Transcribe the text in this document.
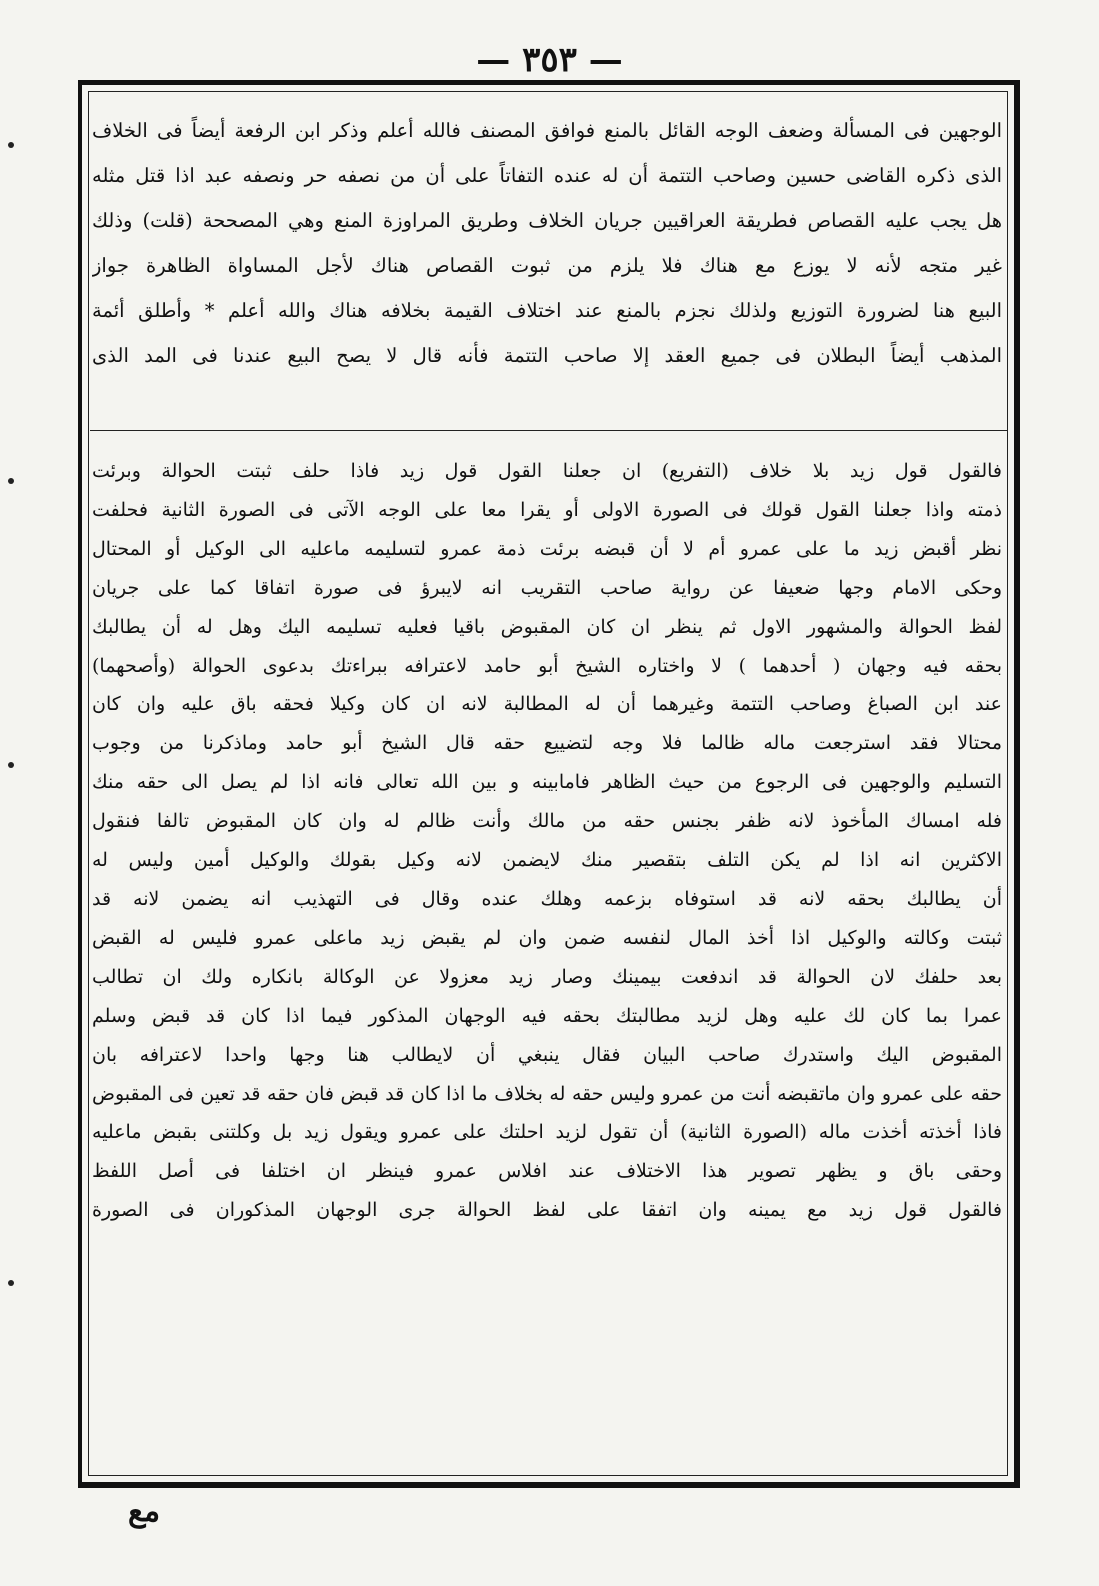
— ٣٥٣ —
الوجهين فى المسألة وضعف الوجه القائل بالمنع فوافق المصنف فالله أعلم وذكر ابن الرفعة أيضاً فى الخلاف
الذى ذكره القاضى حسين وصاحب التتمة أن له عنده التفاتاً على أن من نصفه حر ونصفه عبد اذا قتل مثله
هل يجب عليه القصاص فطريقة العراقيين جريان الخلاف وطريق المراوزة المنع وهي المصححة (قلت) وذلك
غير متجه لأنه لا يوزع مع هناك فلا يلزم من ثبوت القصاص هناك لأجل المساواة الظاهرة جواز
البيع هنا لضرورة التوزيع ولذلك نجزم بالمنع عند اختلاف القيمة بخلافه هناك والله أعلم * وأطلق أئمة
المذهب أيضاً البطلان فى جميع العقد إلا صاحب التتمة فأنه قال لا يصح البيع عندنا فى المد الذى
فالقول قول زيد بلا خلاف (التفريع) ان جعلنا القول قول زيد فاذا حلف ثبتت الحوالة وبرئت
ذمته واذا جعلنا القول قولك فى الصورة الاولى أو يقرا معا على الوجه الآتى فى الصورة الثانية فحلفت
نظر أقبض زيد ما على عمرو أم لا أن قبضه برئت ذمة عمرو لتسليمه ماعليه الى الوكيل أو المحتال
وحكى الامام وجها ضعيفا عن رواية صاحب التقريب انه لايبرؤ فى صورة اتفاقا كما على جريان
لفظ الحوالة والمشهور الاول ثم ينظر ان كان المقبوض باقيا فعليه تسليمه اليك وهل له أن يطالبك
بحقه فيه وجهان ( أحدهما ) لا واختاره الشيخ أبو حامد لاعترافه ببراءتك بدعوى الحوالة (وأصحهما)
عند ابن الصباغ وصاحب التتمة وغيرهما أن له المطالبة لانه ان كان وكيلا فحقه باق عليه وان كان
محتالا فقد استرجعت ماله ظالما فلا وجه لتضييع حقه قال الشيخ أبو حامد وماذكرنا من وجوب
التسليم والوجهين فى الرجوع من حيث الظاهر فامابينه و بين الله تعالى فانه اذا لم يصل الى حقه منك
فله امساك المأخوذ لانه ظفر بجنس حقه من مالك وأنت ظالم له وان كان المقبوض تالفا فنقول
الاكثرين انه اذا لم يكن التلف بتقصير منك لايضمن لانه وكيل بقولك والوكيل أمين وليس له
أن يطالبك بحقه لانه قد استوفاه بزعمه وهلك عنده وقال فى التهذيب انه يضمن لانه قد
ثبتت وكالته والوكيل اذا أخذ المال لنفسه ضمن وان لم يقبض زيد ماعلى عمرو فليس له القبض
بعد حلفك لان الحوالة قد اندفعت بيمينك وصار زيد معزولا عن الوكالة بانكاره ولك ان تطالب
عمرا بما كان لك عليه وهل لزيد مطالبتك بحقه فيه الوجهان المذكور فيما اذا كان قد قبض وسلم
المقبوض اليك واستدرك صاحب البيان فقال ينبغي أن لايطالب هنا وجها واحدا لاعترافه بان
حقه على عمرو وان ماتقبضه أنت من عمرو وليس حقه له بخلاف ما اذا كان قد قبض فان حقه قد تعين فى المقبوض
فاذا أخذته أخذت ماله (الصورة الثانية) أن تقول لزيد احلتك على عمرو ويقول زيد بل وكلتنى بقبض ماعليه
وحقى باق و يظهر تصوير هذا الاختلاف عند افلاس عمرو فينظر ان اختلفا فى أصل اللفظ
فالقول قول زيد مع يمينه وان اتفقا على لفظ الحوالة جرى الوجهان المذكوران فى الصورة
مع
